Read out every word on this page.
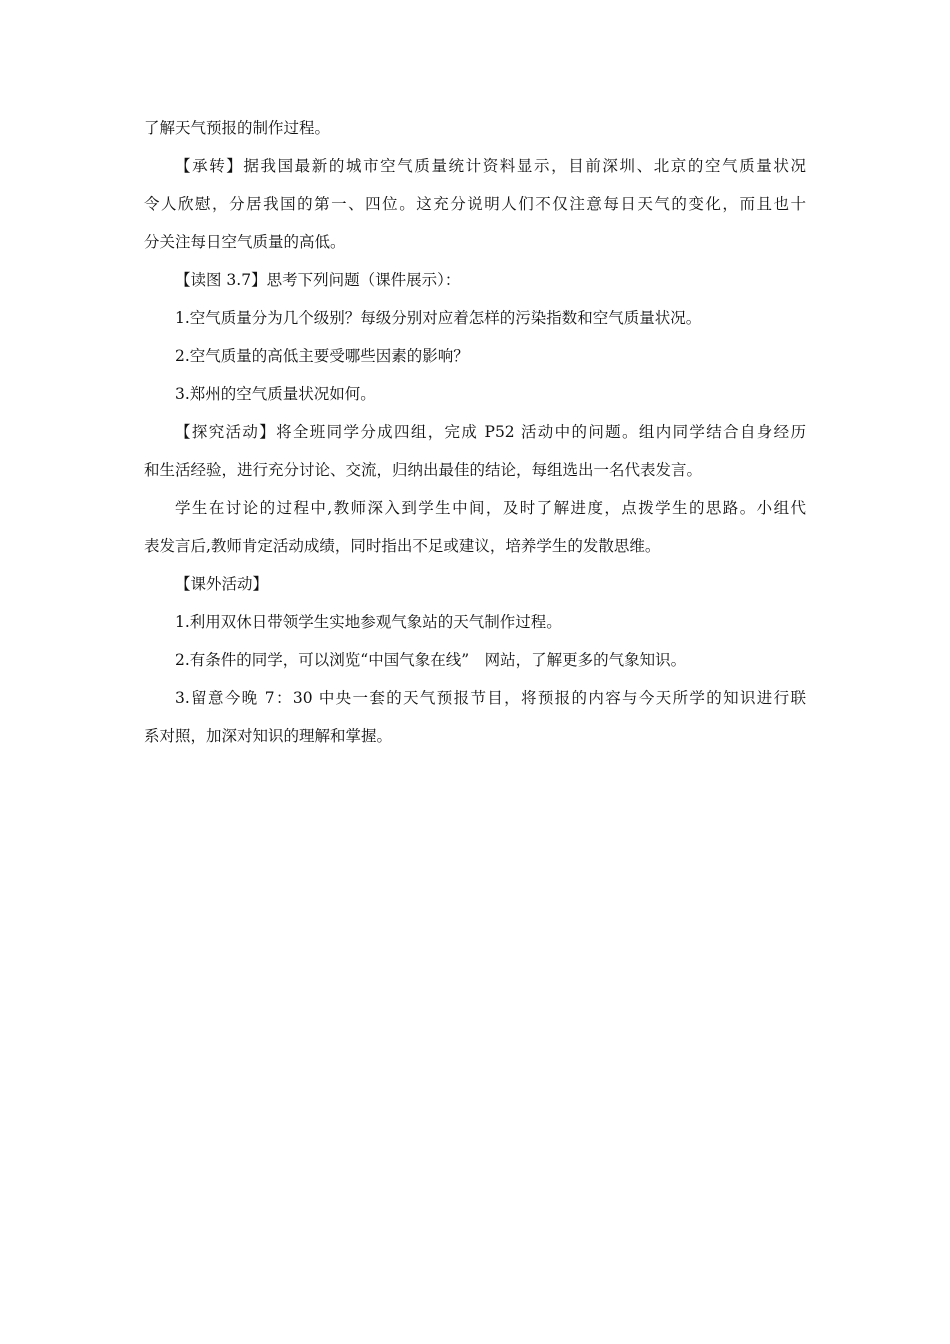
了解天气预报的制作过程。

【承转】据我国最新的城市空气质量统计资料显示，目前深圳、北京的空气质量状况

令人欣慰，分居我国的第一、四位。这充分说明人们不仅注意每日天气的变化，而且也十

分关注每日空气质量的高低。

【读图 3.7】思考下列问题（课件展示）：

1.空气质量分为几个级别？每级分别对应着怎样的污染指数和空气质量状况。

2.空气质量的高低主要受哪些因素的影响？

3.郑州的空气质量状况如何。

【探究活动】将全班同学分成四组，完成 P52 活动中的问题。组内同学结合自身经历

和生活经验，进行充分讨论、交流，归纳出最佳的结论，每组选出一名代表发言。

学生在讨论的过程中,教师深入到学生中间，及时了解进度，点拨学生的思路。小组代

表发言后,教师肯定活动成绩，同时指出不足或建议，培养学生的发散思维。

【课外活动】

1.利用双休日带领学生实地参观气象站的天气制作过程。

2.有条件的同学，可以浏览“中国气象在线”　网站，了解更多的气象知识。

3.留意今晚 7：30 中央一套的天气预报节目，将预报的内容与今天所学的知识进行联

系对照，加深对知识的理解和掌握。
